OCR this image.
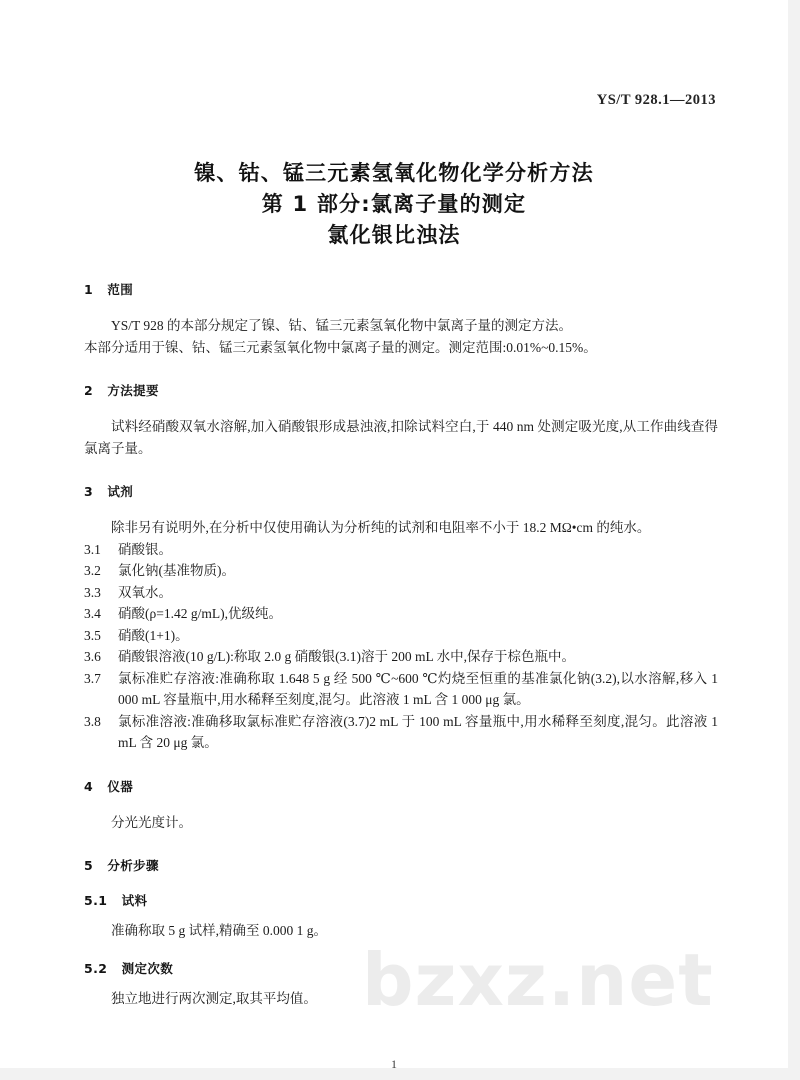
bzxz.net
YS/T 928.1—2013
镍、钴、锰三元素氢氧化物化学分析方法
第 1 部分:氯离子量的测定
氯化银比浊法
1   范围
YS/T 928 的本部分规定了镍、钴、锰三元素氢氧化物中氯离子量的测定方法。
本部分适用于镍、钴、锰三元素氢氧化物中氯离子量的测定。测定范围:0.01%~0.15%。
2   方法提要
试料经硝酸双氧水溶解,加入硝酸银形成悬浊液,扣除试料空白,于 440 nm 处测定吸光度,从工作曲线查得氯离子量。
3   试剂
除非另有说明外,在分析中仅使用确认为分析纯的试剂和电阻率不小于 18.2 MΩ•cm 的纯水。
3.1	硝酸银。
3.2	氯化钠(基准物质)。
3.3	双氧水。
3.4	硝酸(ρ=1.42 g/mL),优级纯。
3.5	硝酸(1+1)。
3.6	硝酸银溶液(10 g/L):称取 2.0 g 硝酸银(3.1)溶于 200 mL 水中,保存于棕色瓶中。
3.7	氯标准贮存溶液:准确称取 1.648 5 g 经 500 ℃~600 ℃灼烧至恒重的基准氯化钠(3.2),以水溶解,移入 1 000 mL 容量瓶中,用水稀释至刻度,混匀。此溶液 1 mL 含 1 000 μg 氯。
3.8	氯标准溶液:准确移取氯标准贮存溶液(3.7)2 mL 于 100 mL 容量瓶中,用水稀释至刻度,混匀。此溶液 1 mL 含 20 μg 氯。
4   仪器
分光光度计。
5   分析步骤
5.1   试料
准确称取 5 g 试样,精确至 0.000 1 g。
5.2   测定次数
独立地进行两次测定,取其平均值。
1
